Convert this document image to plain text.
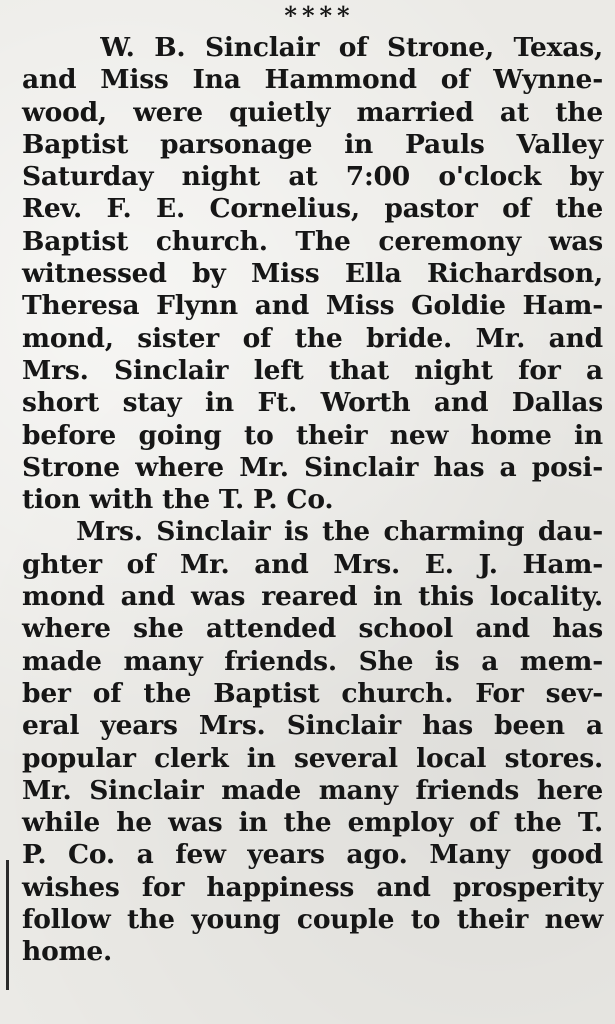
****
W. B. Sinclair of Strone, Texas,
and Miss Ina Hammond of Wynne-
wood, were quietly married at the
Baptist parsonage in Pauls Valley
Saturday night at 7:00 o'clock by
Rev. F. E. Cornelius, pastor of the
Baptist church. The ceremony was
witnessed by Miss Ella Richardson,
Theresa Flynn and Miss Goldie Ham-
mond, sister of the bride. Mr. and
Mrs. Sinclair left that night for a
short stay in Ft. Worth and Dallas
before going to their new home in
Strone where Mr. Sinclair has a posi-
tion with the T. P. Co.
Mrs. Sinclair is the charming dau-
ghter of Mr. and Mrs. E. J. Ham-
mond and was reared in this locality.
where she attended school and has
made many friends. She is a mem-
ber of the Baptist church. For sev-
eral years Mrs. Sinclair has been a
popular clerk in several local stores.
Mr. Sinclair made many friends here
while he was in the employ of the T.
P. Co. a few years ago. Many good
wishes for happiness and prosperity
follow the young couple to their new
home.
